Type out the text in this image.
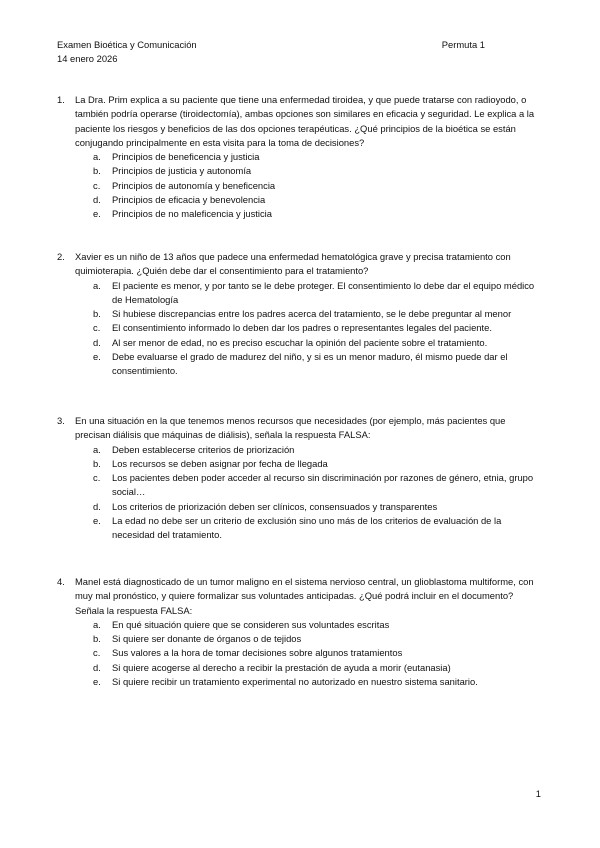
Examen Bioética y Comunicación	Permuta 1
14 enero 2026
1.	La Dra. Prim explica a su paciente que tiene una enfermedad tiroidea, y que puede tratarse con radioyodo, o también podría operarse (tiroidectomía), ambas opciones son similares en eficacia y seguridad. Le explica a la paciente los riesgos y beneficios de las dos opciones terapéuticas. ¿Qué principios de la bioética se están conjugando principalmente en esta visita para la toma de decisiones?

a.	Principios de beneficencia y justicia
b.	Principios de justicia y autonomía
c.	Principios de autonomía y beneficencia
d.	Principios de eficacia y benevolencia
e.	Principios de no maleficencia y justicia
2.	Xavier es un niño de 13 años que padece una enfermedad hematológica grave y precisa tratamiento con quimioterapia. ¿Quién debe dar el consentimiento para el tratamiento?

a.	El paciente es menor, y por tanto se le debe proteger. El consentimiento lo debe dar el equipo médico de Hematología
b.	Si hubiese discrepancias entre los padres acerca del tratamiento, se le debe preguntar al menor
c.	El consentimiento informado lo deben dar los padres o representantes legales del paciente.
d.	Al ser menor de edad, no es preciso escuchar la opinión del paciente sobre el tratamiento.
e.	Debe evaluarse el grado de madurez del niño, y si es un menor maduro, él mismo puede dar el consentimiento.
3.	En una situación en la que tenemos menos recursos que necesidades (por ejemplo, más pacientes que precisan diálisis que máquinas de diálisis), señala la respuesta FALSA:

a.	Deben establecerse criterios de priorización
b.	Los recursos se deben asignar por fecha de llegada
c.	Los pacientes deben poder acceder al recurso sin discriminación por razones de género, etnia, grupo social…
d.	Los criterios de priorización deben ser clínicos, consensuados y transparentes
e.	La edad no debe ser un criterio de exclusión sino uno más de los criterios de evaluación de la necesidad del tratamiento.
4.	Manel está diagnosticado de un tumor maligno en el sistema nervioso central, un glioblastoma multiforme, con muy mal pronóstico, y quiere formalizar sus voluntades anticipadas. ¿Qué podrá incluir en el documento? Señala la respuesta FALSA:

a.	En qué situación quiere que se consideren sus voluntades escritas
b.	Si quiere ser donante de órganos o de tejidos
c.	Sus valores a la hora de tomar decisiones sobre algunos tratamientos
d.	Si quiere acogerse al derecho a recibir la prestación de ayuda a morir (eutanasia)
e.	Si quiere recibir un tratamiento experimental no autorizado en nuestro sistema sanitario.
1
